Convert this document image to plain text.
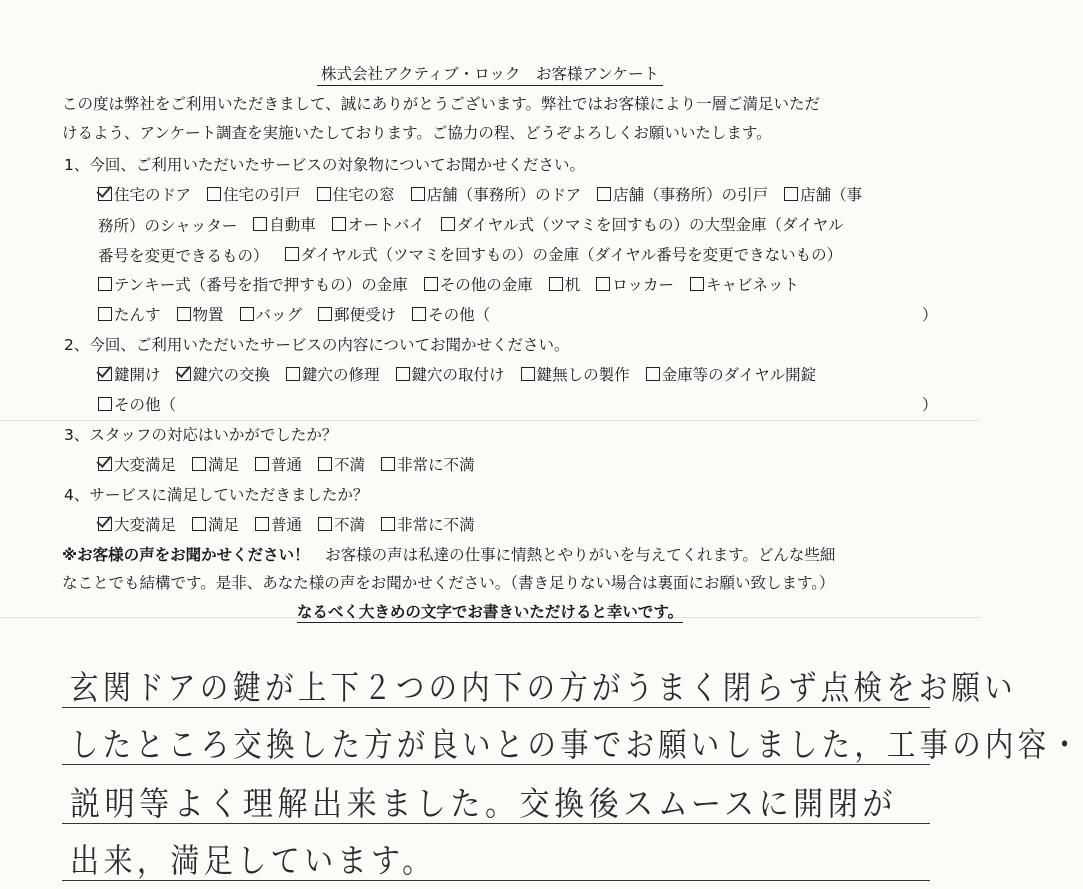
株式会社アクティブ・ロック　お客様アンケート
この度は弊社をご利用いただきまして、誠にありがとうございます。弊社ではお客様により一層ご満足いただ
けるよう、アンケート調査を実施いたしております。ご協力の程、どうぞよろしくお願いいたします。
1、今回、ご利用いただいたサービスの対象物についてお聞かせください。
住宅のドア 住宅の引戸 住宅の窓 店舗（事務所）のドア 店舗（事務所）の引戸 店舗（事
務所）のシャッター 自動車 オートバイ ダイヤル式（ツマミを回すもの）の大型金庫（ダイヤル
番号を変更できるもの） ダイヤル式（ツマミを回すもの）の金庫（ダイヤル番号を変更できないもの）
テンキー式（番号を指で押すもの）の金庫 その他の金庫 机 ロッカー キャビネット
たんす 物置 バッグ 郵便受け その他（	）
2、今回、ご利用いただいたサービスの内容についてお聞かせください。
鍵開け 鍵穴の交換 鍵穴の修理 鍵穴の取付け 鍵無しの製作 金庫等のダイヤル開錠
その他（	）
3、スタッフの対応はいかがでしたか？
大変満足 満足 普通 不満 非常に不満
4、サービスに満足していただきましたか？
大変満足 満足 普通 不満 非常に不満
※お客様の声をお聞かせください！　お客様の声は私達の仕事に情熱とやりがいを与えてくれます。どんな些細
なことでも結構です。是非、あなた様の声をお聞かせください。（書き足りない場合は裏面にお願い致します。）
なるべく大きめの文字でお書きいただけると幸いです。
玄関ドアの鍵が上下２つの内下の方がうまく閉らず点検をお願い
したところ交換した方が良いとの事でお願いしました，工事の内容・
説明等よく理解出来ました。交換後スムースに開閉が
出来，満足しています。
